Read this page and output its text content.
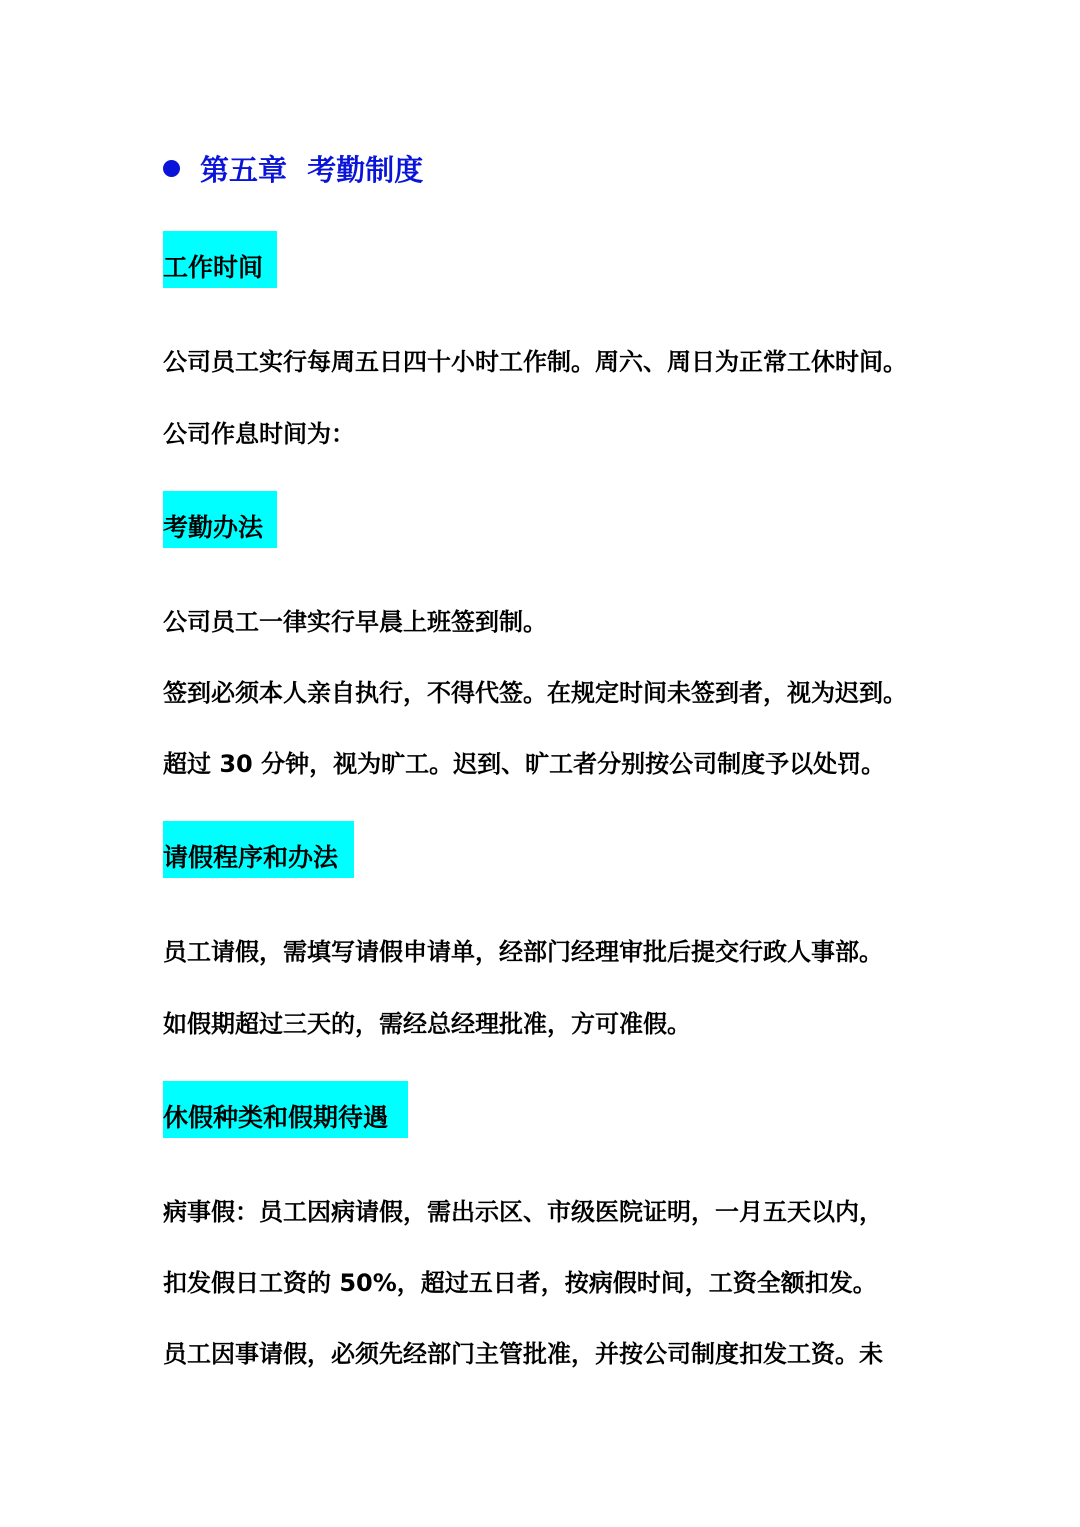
第五章  考勤制度
工作时间
公司员工实行每周五日四十小时工作制。周六、周日为正常工休时间。
公司作息时间为：
考勤办法
公司员工一律实行早晨上班签到制。
签到必须本人亲自执行，不得代签。在规定时间未签到者，视为迟到。
超过 30 分钟，视为旷工。迟到、旷工者分别按公司制度予以处罚。
请假程序和办法
员工请假，需填写请假申请单，经部门经理审批后提交行政人事部。
如假期超过三天的，需经总经理批准，方可准假。
休假种类和假期待遇
病事假：员工因病请假，需出示区、市级医院证明，一月五天以内，
扣发假日工资的 50%，超过五日者，按病假时间，工资全额扣发。
员工因事请假，必须先经部门主管批准，并按公司制度扣发工资。未
